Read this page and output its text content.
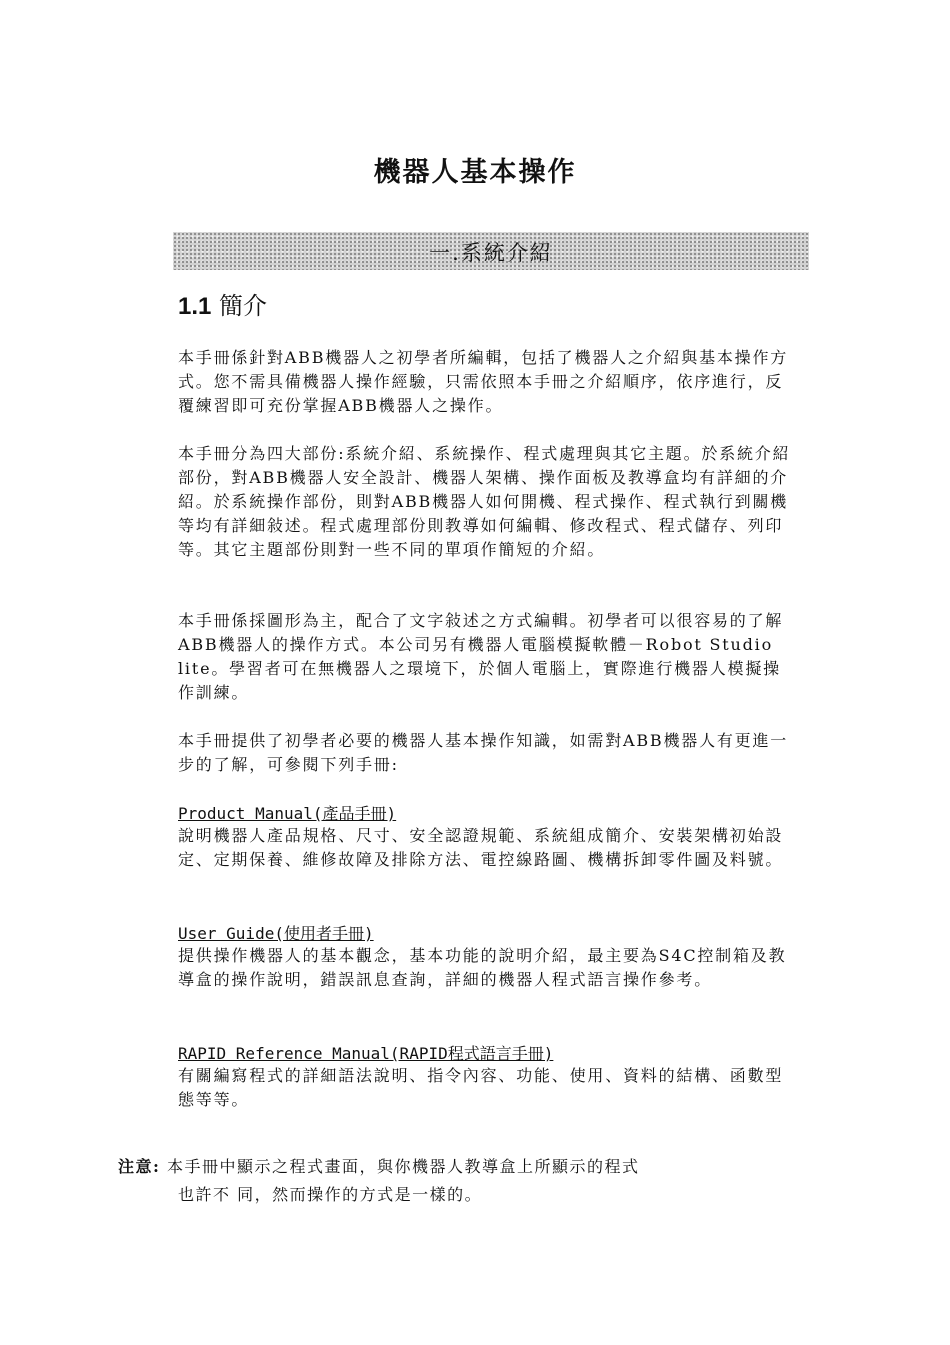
機器人基本操作
一.系統介紹
1.1 簡介
本手冊係針對ABB機器人之初學者所編輯，包括了機器人之介紹與基本操作方式。您不需具備機器人操作經驗，只需依照本手冊之介紹順序，依序進行，反覆練習即可充份掌握ABB機器人之操作。
本手冊分為四大部份:系統介紹、系統操作、程式處理與其它主題。於系統介紹部份，對ABB機器人安全設計、機器人架構、操作面板及教導盒均有詳細的介紹。於系統操作部份，則對ABB機器人如何開機、程式操作、程式執行到關機等均有詳細敍述。程式處理部份則教導如何編輯、修改程式、程式儲存、列印等。其它主題部份則對一些不同的單項作簡短的介紹。
本手冊係採圖形為主，配合了文字敍述之方式編輯。初學者可以很容易的了解ABB機器人的操作方式。本公司另有機器人電腦模擬軟體－Robot Studio lite。學習者可在無機器人之環境下，於個人電腦上，實際進行機器人模擬操作訓練。
本手冊提供了初學者必要的機器人基本操作知識，如需對ABB機器人有更進一步的了解，可參閱下列手冊:
Product Manual(產品手冊)
說明機器人產品規格、尺寸、安全認證規範、系統組成簡介、安裝架構初始設定、定期保養、維修故障及排除方法、電控線路圖、機構拆卸零件圖及料號。
User Guide(使用者手冊)
提供操作機器人的基本觀念，基本功能的說明介紹，最主要為S4C控制箱及教導盒的操作說明，錯誤訊息查詢，詳細的機器人程式語言操作參考。
RAPID Reference Manual(RAPID程式語言手冊)
有關編寫程式的詳細語法說明、指令內容、功能、使用、資料的結構、函數型態等等。
注意: 本手冊中顯示之程式畫面，與你機器人教導盒上所顯示的程式
也許不 同，然而操作的方式是一樣的。
